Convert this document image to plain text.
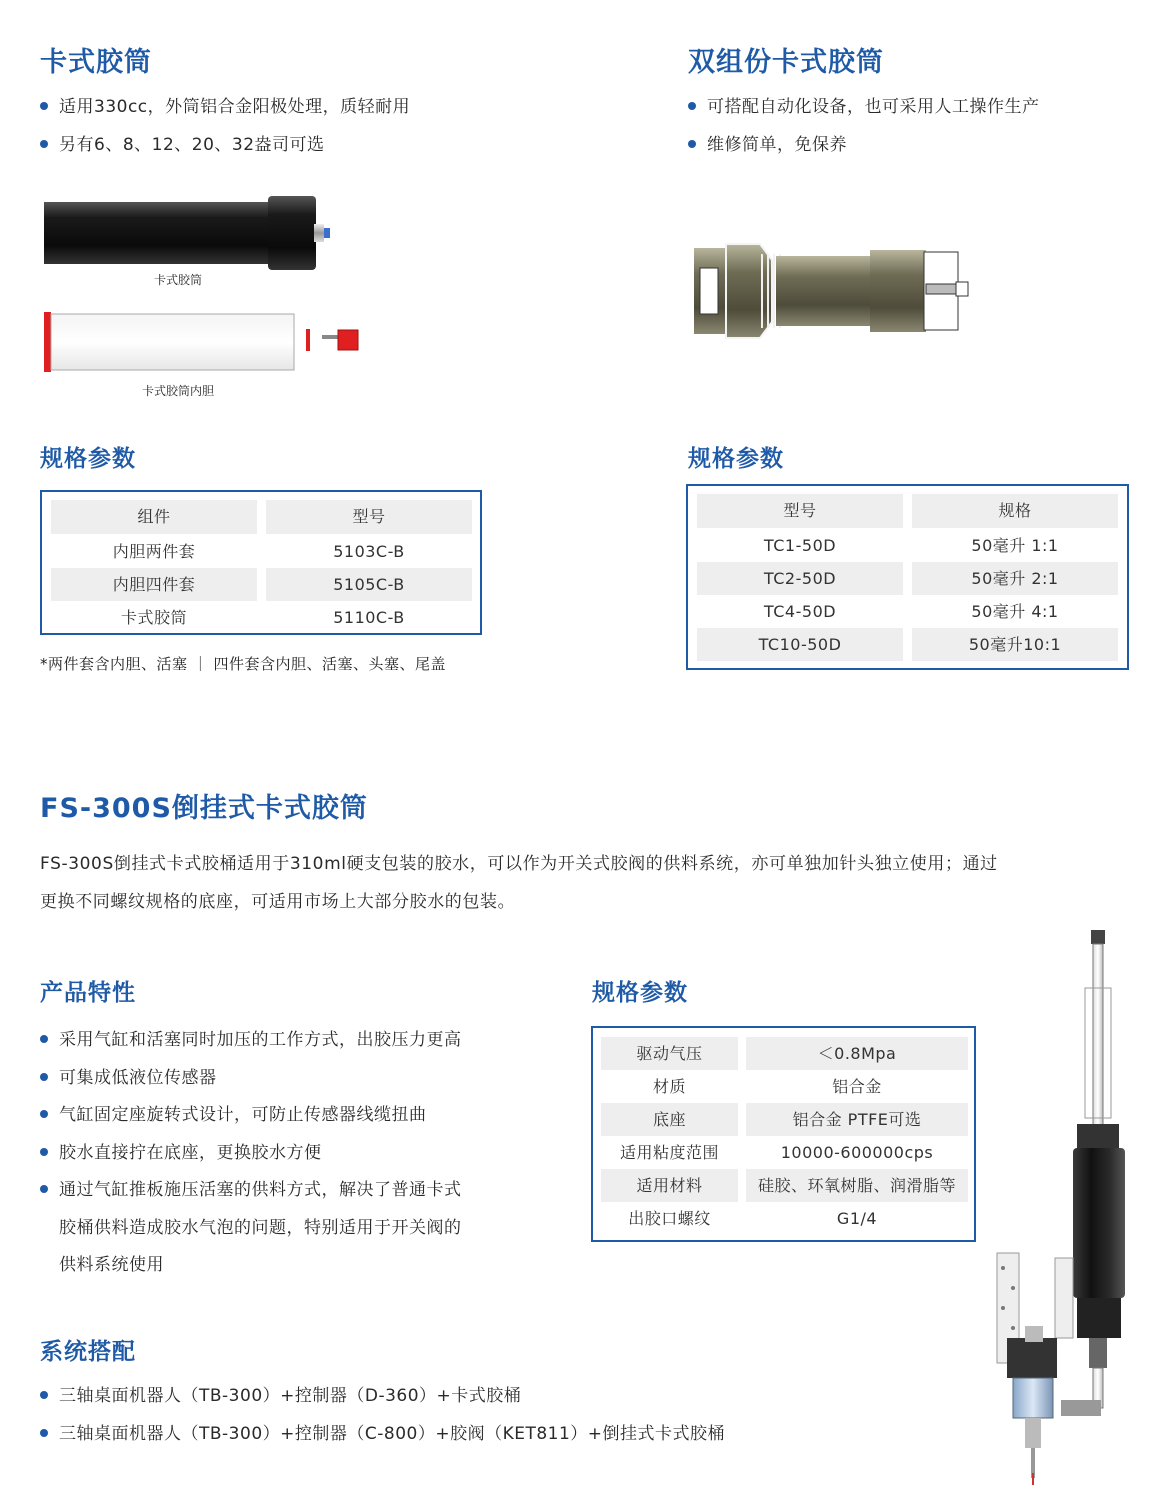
卡式胶筒
适用330cc，外筒铝合金阳极处理，质轻耐用
另有6、8、12、20、32盎司可选
卡式胶筒
卡式胶筒内胆
规格参数
组件	型号
内胆两件套	5103C-B
内胆四件套	5105C-B
卡式胶筒	5110C-B
*两件套含内胆、活塞 ｜ 四件套含内胆、活塞、头塞、尾盖
双组份卡式胶筒
可搭配自动化设备，也可采用人工操作生产
维修简单，免保养
规格参数
型号	规格
TC1-50D	50毫升 1:1
TC2-50D	50毫升 2:1
TC4-50D	50毫升 4:1
TC10-50D	50毫升10:1
FS-300S倒挂式卡式胶筒
FS-300S倒挂式卡式胶桶适用于310ml硬支包装的胶水，可以作为开关式胶阀的供料系统，亦可单独加针头独立使用；通过
更换不同螺纹规格的底座，可适用市场上大部分胶水的包装。
产品特性
采用气缸和活塞同时加压的工作方式，出胶压力更高
可集成低液位传感器
气缸固定座旋转式设计，可防止传感器线缆扭曲
胶水直接拧在底座，更换胶水方便
通过气缸推板施压活塞的供料方式，解决了普通卡式
胶桶供料造成胶水气泡的问题，特别适用于开关阀的
供料系统使用
规格参数
驱动气压	＜0.8Mpa
材质	铝合金
底座	铝合金 PTFE可选
适用粘度范围	10000-600000cps
适用材料	硅胶、环氧树脂、润滑脂等
出胶口螺纹	G1/4
系统搭配
三轴桌面机器人（TB-300）+控制器（D-360）+卡式胶桶
三轴桌面机器人（TB-300）+控制器（C-800）+胶阀（KET811）+倒挂式卡式胶桶
